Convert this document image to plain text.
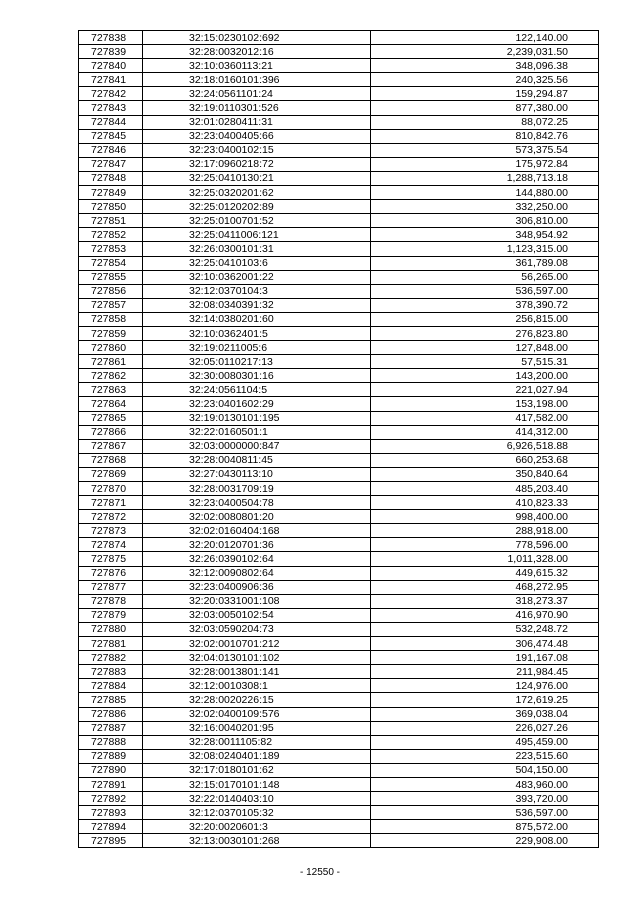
727838	32:15:0230102:692	122,140.00
727839	32:28:0032012:16	2,239,031.50
727840	32:10:0360113:21	348,096.38
727841	32:18:0160101:396	240,325.56
727842	32:24:0561101:24	159,294.87
727843	32:19:0110301:526	877,380.00
727844	32:01:0280411:31	88,072.25
727845	32:23:0400405:66	810,842.76
727846	32:23:0400102:15	573,375.54
727847	32:17:0960218:72	175,972.84
727848	32:25:0410130:21	1,288,713.18
727849	32:25:0320201:62	144,880.00
727850	32:25:0120202:89	332,250.00
727851	32:25:0100701:52	306,810.00
727852	32:25:0411006:121	348,954.92
727853	32:26:0300101:31	1,123,315.00
727854	32:25:0410103:6	361,789.08
727855	32:10:0362001:22	56,265.00
727856	32:12:0370104:3	536,597.00
727857	32:08:0340391:32	378,390.72
727858	32:14:0380201:60	256,815.00
727859	32:10:0362401:5	276,823.80
727860	32:19:0211005:6	127,848.00
727861	32:05:0110217:13	57,515.31
727862	32:30:0080301:16	143,200.00
727863	32:24:0561104:5	221,027.94
727864	32:23:0401602:29	153,198.00
727865	32:19:0130101:195	417,582.00
727866	32:22:0160501:1	414,312.00
727867	32:03:0000000:847	6,926,518.88
727868	32:28:0040811:45	660,253.68
727869	32:27:0430113:10	350,840.64
727870	32:28:0031709:19	485,203.40
727871	32:23:0400504:78	410,823.33
727872	32:02:0080801:20	998,400.00
727873	32:02:0160404:168	288,918.00
727874	32:20:0120701:36	778,596.00
727875	32:26:0390102:64	1,011,328.00
727876	32:12:0090802:64	449,615.32
727877	32:23:0400906:36	468,272.95
727878	32:20:0331001:108	318,273.37
727879	32:03:0050102:54	416,970.90
727880	32:03:0590204:73	532,248.72
727881	32:02:0010701:212	306,474.48
727882	32:04:0130101:102	191,167.08
727883	32:28:0013801:141	211,984.45
727884	32:12:0010308:1	124,976.00
727885	32:28:0020226:15	172,619.25
727886	32:02:0400109:576	369,038.04
727887	32:16:0040201:95	226,027.26
727888	32:28:0011105:82	495,459.00
727889	32:08:0240401:189	223,515.60
727890	32:17:0180101:62	504,150.00
727891	32:15:0170101:148	483,960.00
727892	32:22:0140403:10	393,720.00
727893	32:12:0370105:32	536,597.00
727894	32:20:0020601:3	875,572.00
727895	32:13:0030101:268	229,908.00
- 12550 -
